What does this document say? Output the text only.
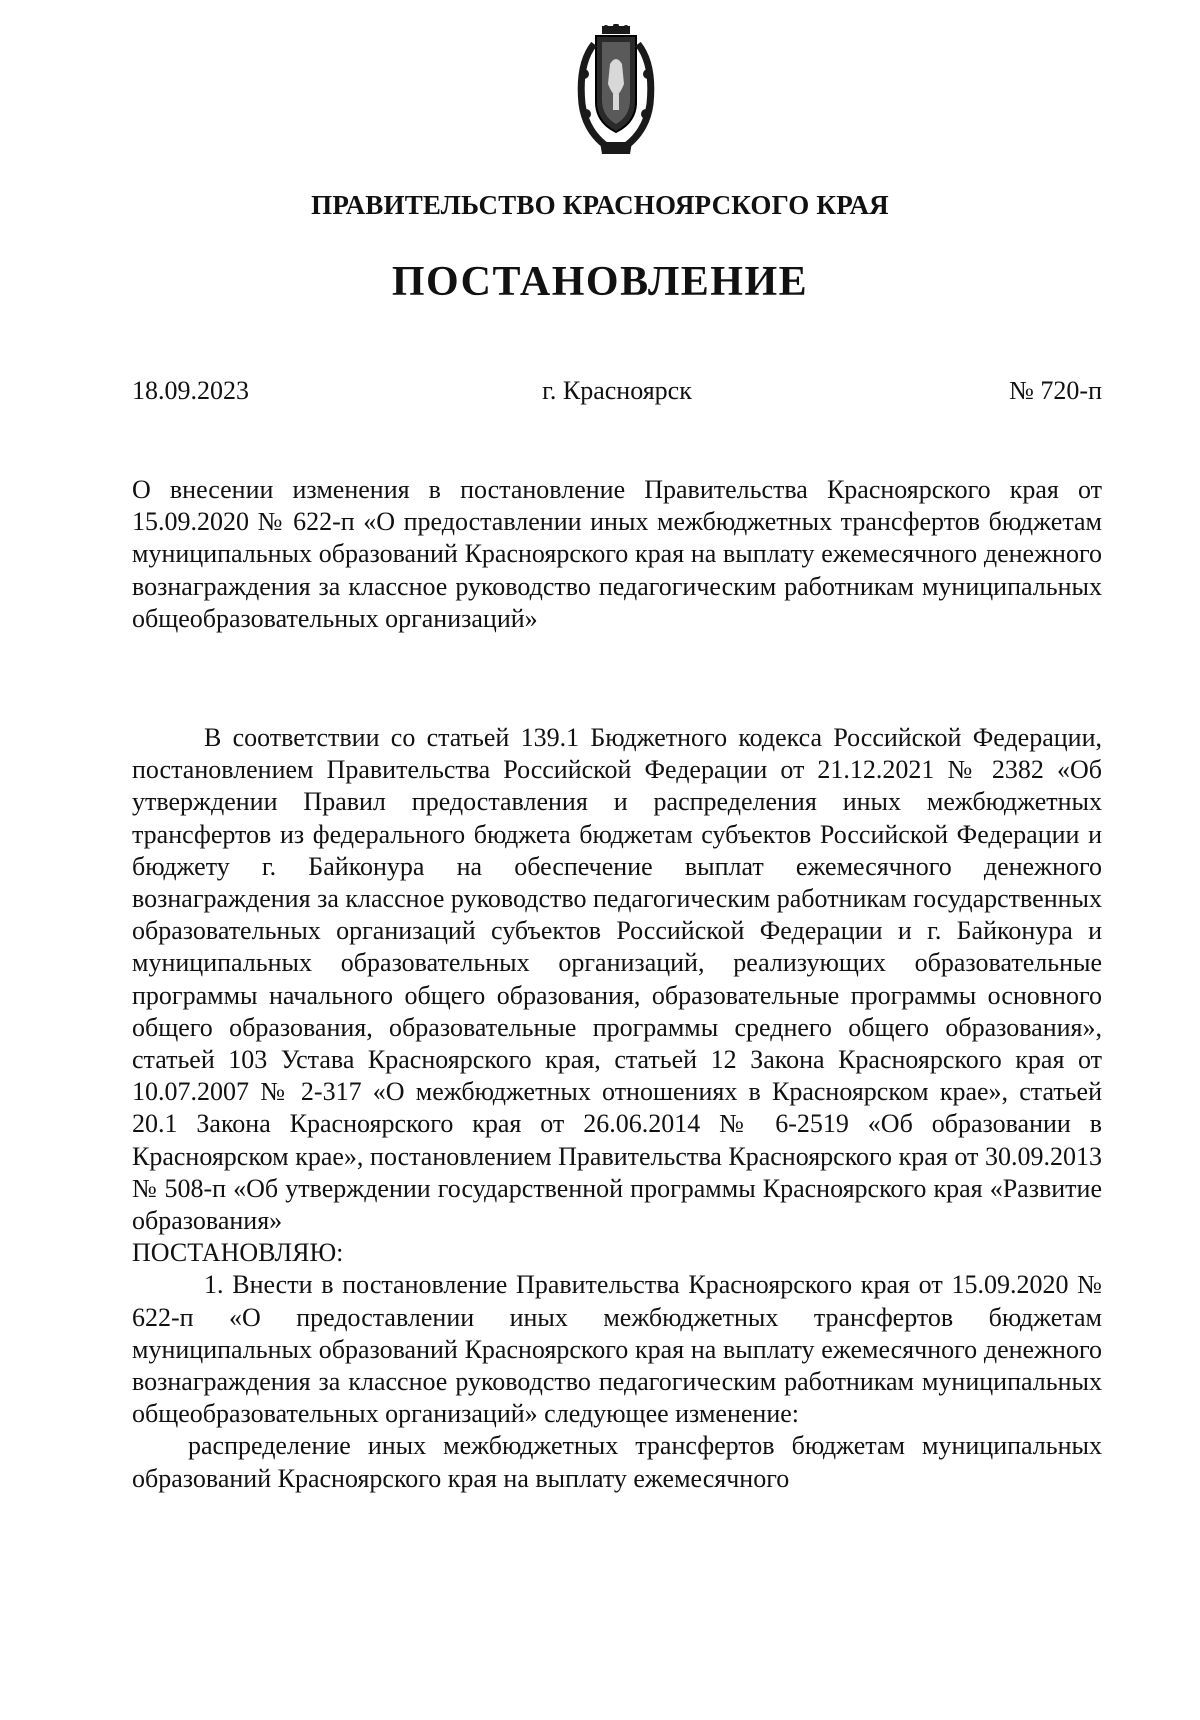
ПРАВИТЕЛЬСТВО КРАСНОЯРСКОГО КРАЯ
ПОСТАНОВЛЕНИЕ
18.09.2023	г. Красноярск	№ 720-п

О внесении изменения в постановление Правительства Красноярского края от 15.09.2020 № 622-п «О предоставлении иных межбюджетных трансфертов бюджетам муниципальных образований Красноярского края на выплату ежемесячного денежного вознаграждения за классное руководство педагогическим работникам муниципальных общеобразовательных организаций»

В соответствии со статьей 139.1 Бюджетного кодекса Российской Федерации, постановлением Правительства Российской Федерации от 21.12.2021 № 2382 «Об утверждении Правил предоставления и распределения иных межбюджетных трансфертов из федерального бюджета бюджетам субъектов Российской Федерации и бюджету г. Байконура на обеспечение выплат ежемесячного денежного вознаграждения за классное руководство педагогическим работникам государственных образовательных организаций субъектов Российской Федерации и г. Байконура и муниципальных образовательных организаций, реализующих образовательные программы начального общего образования, образовательные программы основного общего образования, образовательные программы среднего общего образования», статьей 103 Устава Красноярского края, статьей 12 Закона Красноярского края от 10.07.2007 № 2-317 «О межбюджетных отношениях в Красноярском крае», статьей 20.1 Закона Красноярского края от 26.06.2014 № 6-2519 «Об образовании в Красноярском крае», постановлением Правительства Красноярского края от 30.09.2013 № 508-п «Об утверждении государственной программы Красноярского края «Развитие образования»

ПОСТАНОВЛЯЮ:

1. Внести в постановление Правительства Красноярского края от 15.09.2020 № 622-п «О предоставлении иных межбюджетных трансфертов бюджетам муниципальных образований Красноярского края на выплату ежемесячного денежного вознаграждения за классное руководство педагогическим работникам муниципальных общеобразовательных организаций» следующее изменение:

распределение иных межбюджетных трансфертов бюджетам муниципальных образований Красноярского края на выплату ежемесячного
